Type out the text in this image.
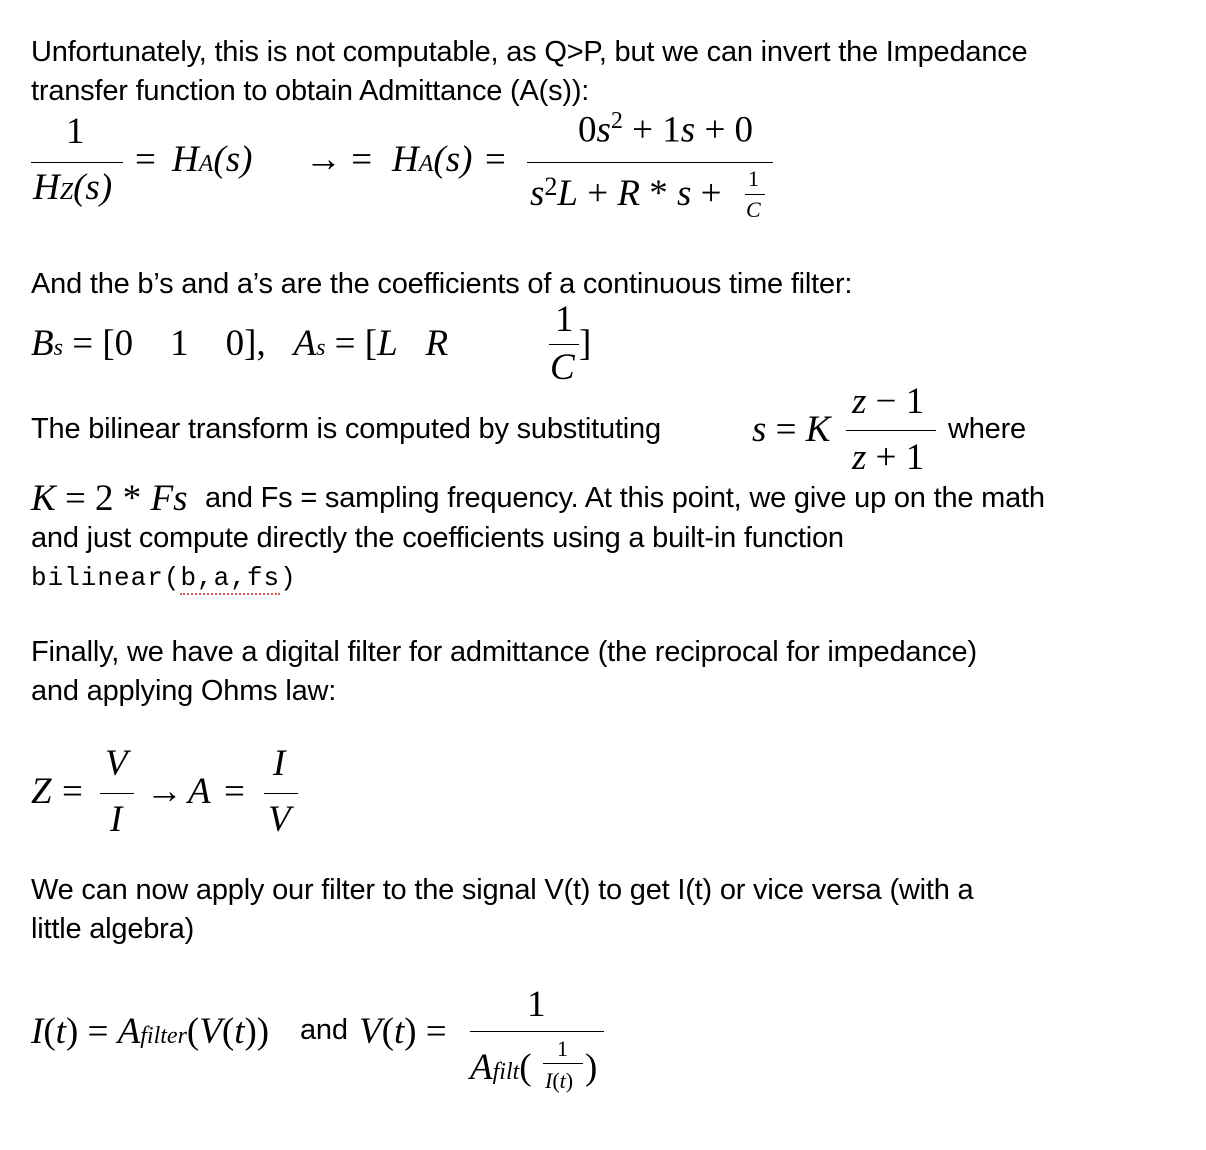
Unfortunately, this is not computable, as Q>P, but we can invert the Impedance
transfer function to obtain Admittance (A(s)):
1
HZ(s)
= HA(s) → = HA(s) =
$0s^2 + 1s + 0$
$s^2L + R * s + 1$
C
And the b’s and a’s are the coefficients of a continuous time filter:
Bs = [0    1    0],   As = [L R
1
C
]
The bilinear transform is computed by substituting s = K
z − 1
z + 1
where
K = 2 * Fs and Fs = sampling frequency. At this point, we give up on the math
and just compute directly the coefficients using a built-in function
bilinear(b,a,fs)
Finally, we have a digital filter for admittance (the reciprocal for impedance)
and applying Ohms law:
Z =
V
I
→ A =
I
V
We can now apply our filter to the signal V(t) to get I(t) or vice versa (with a
little algebra)
I(t) = Afilter(V(t)) and V(t) =
1
Afilt( 1
I(t) )
